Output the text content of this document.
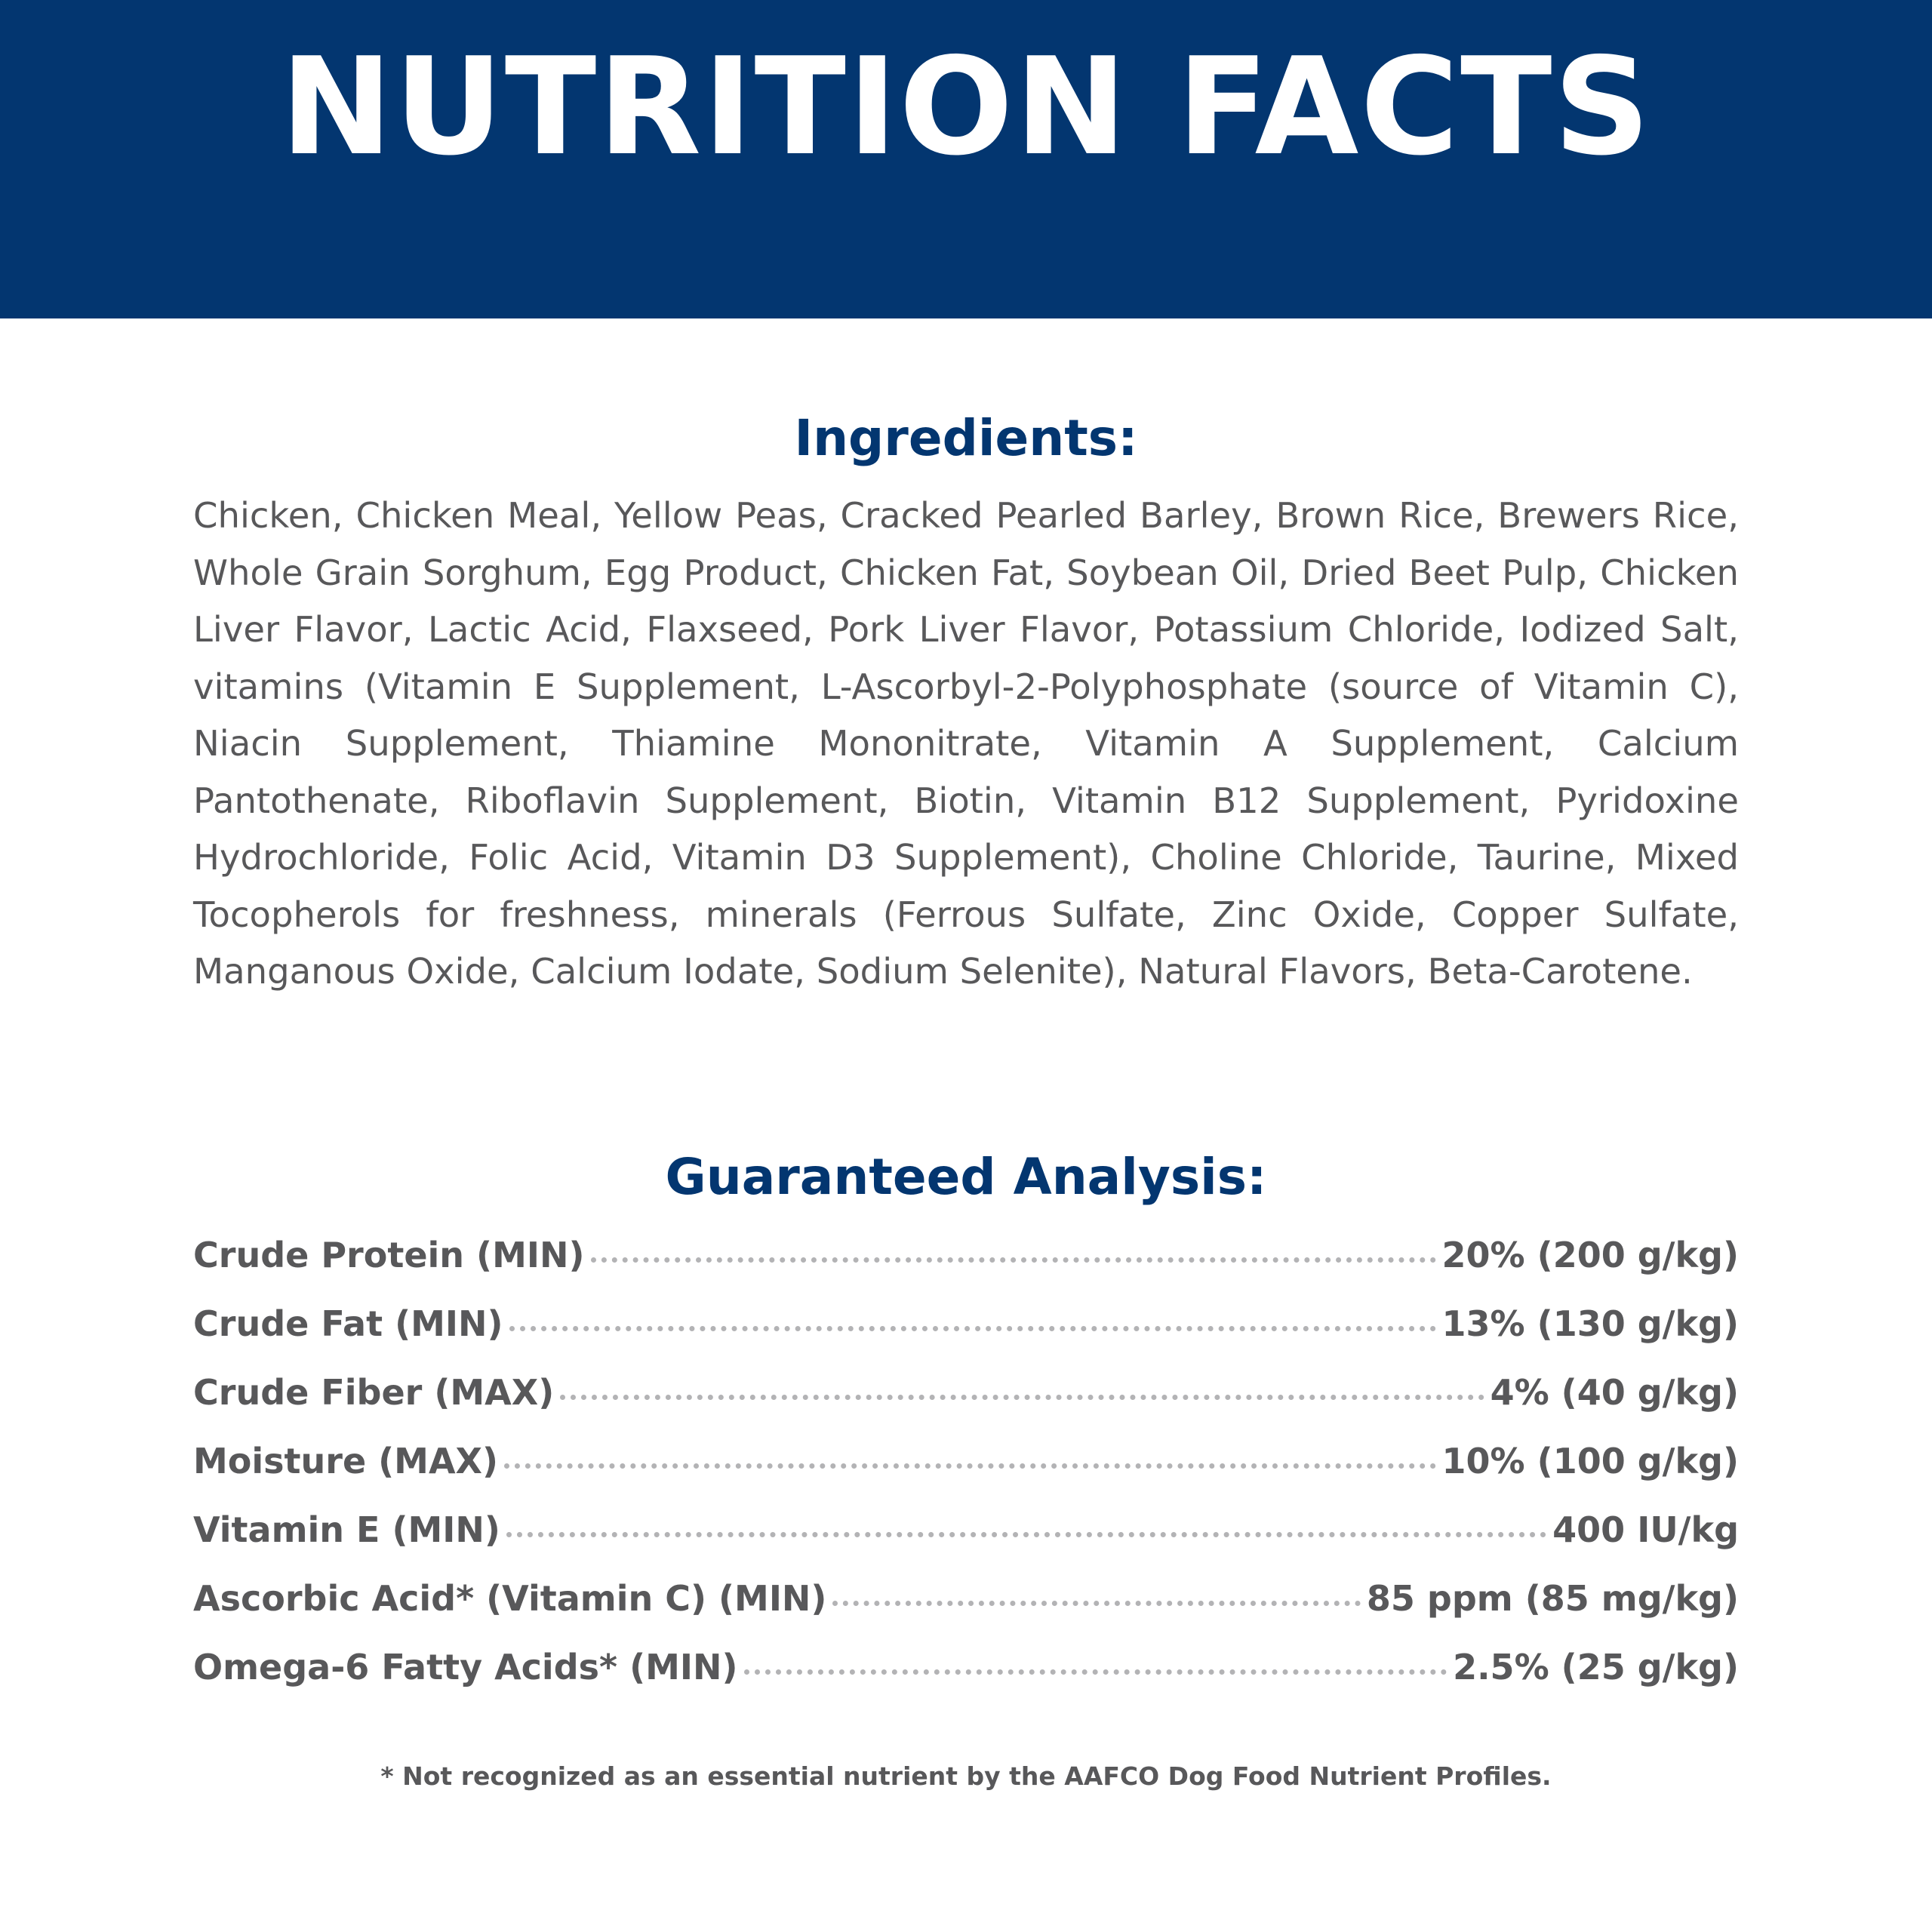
NUTRITION FACTS
Ingredients:

Chicken, Chicken Meal, Yellow Peas, Cracked Pearled Barley, Brown Rice, Brewers Rice, Whole Grain Sorghum, Egg Product, Chicken Fat, Soybean Oil, Dried Beet Pulp, Chicken Liver Flavor, Lactic Acid, Flaxseed, Pork Liver Flavor, Potassium Chloride, Iodized Salt, vitamins (Vitamin E Supplement, L-Ascorbyl-2-Polyphosphate (source of Vitamin C), Niacin Supplement, Thiamine Mononitrate, Vitamin A Supplement, Calcium Pantothenate, Riboflavin Supplement, Biotin, Vitamin B12 Supplement, Pyridoxine Hydrochloride, Folic Acid, Vitamin D3 Supplement), Choline Chloride, Taurine, Mixed Tocopherols for freshness, minerals (Ferrous Sulfate, Zinc Oxide, Copper Sulfate, Manganous Oxide, Calcium Iodate, Sodium Selenite), Natural Flavors, Beta-Carotene.

Guaranteed Analysis:
Crude Protein (MIN)	20% (200 g/kg)
Crude Fat (MIN)	13% (130 g/kg)
Crude Fiber (MAX)	4% (40 g/kg)
Moisture (MAX)	10% (100 g/kg)
Vitamin E (MIN)	400 IU/kg
Ascorbic Acid* (Vitamin C) (MIN)	85 ppm (85 mg/kg)
Omega-6 Fatty Acids* (MIN)	2.5% (25 g/kg)

* Not recognized as an essential nutrient by the AAFCO Dog Food Nutrient Profiles.
